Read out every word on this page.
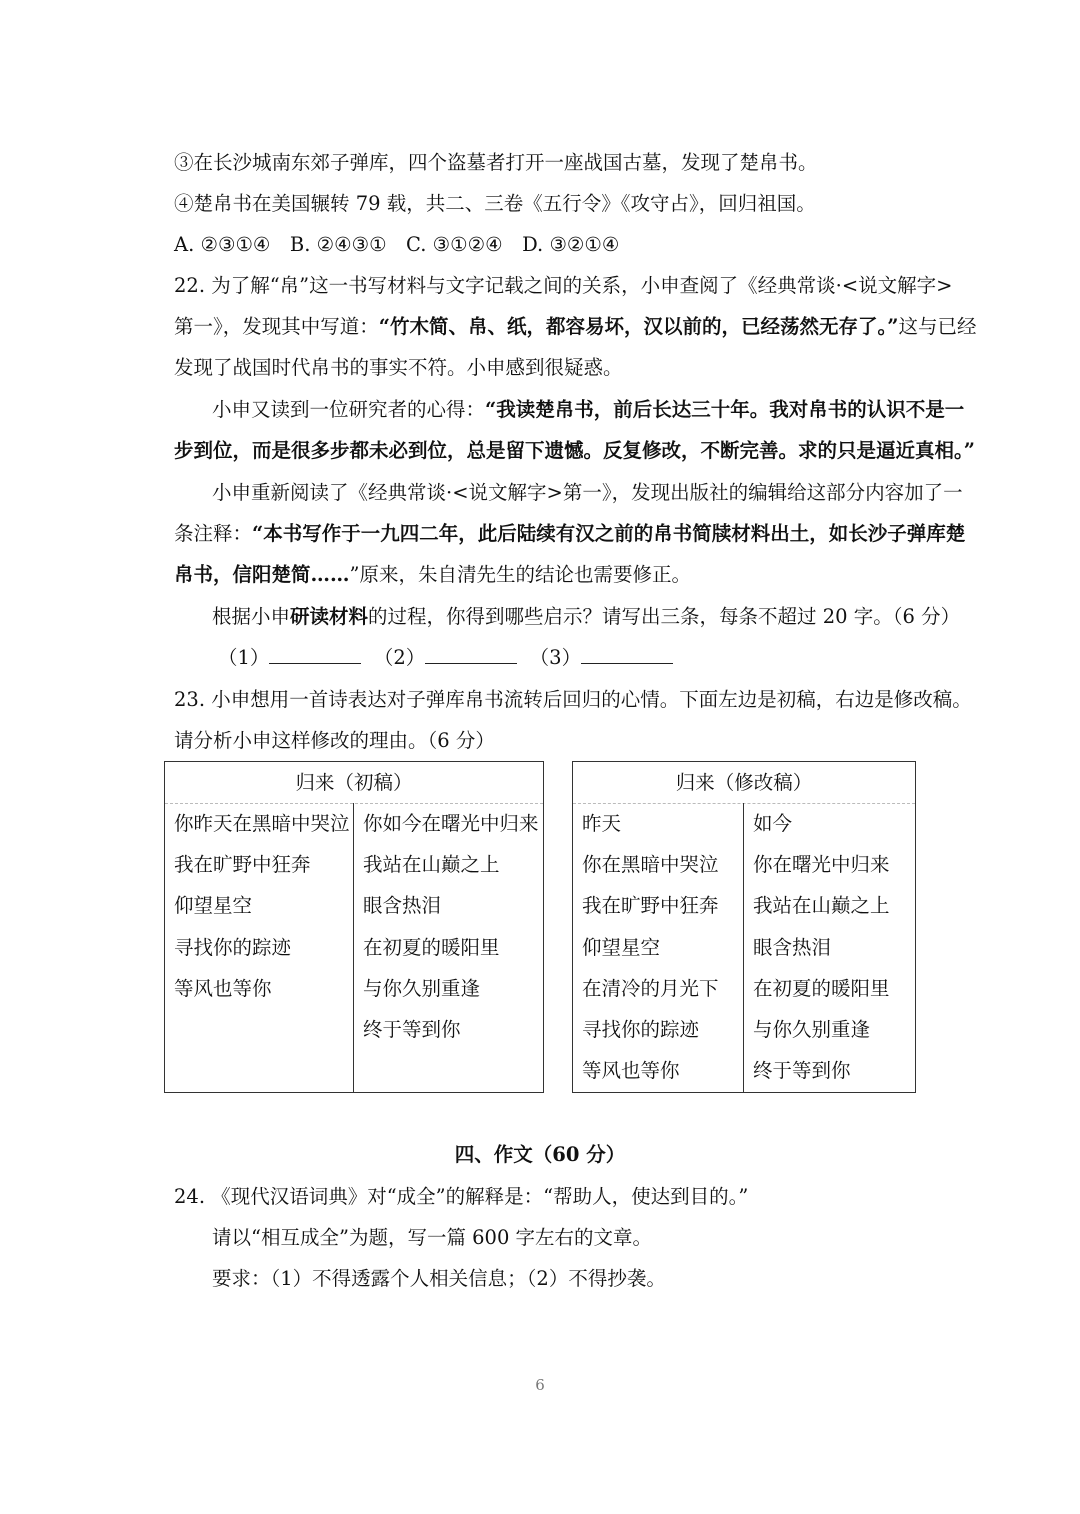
③在长沙城南东郊子弹库，四个盗墓者打开一座战国古墓，发现了楚帛书。
④楚帛书在美国辗转 79 载，共二、三卷《五行令》《攻守占》，回归祖国。
A. ②③①④　B. ②④③①　C. ③①②④　D. ③②①④
22. 为了解“帛”这一书写材料与文字记载之间的关系，小申查阅了《经典常谈·<说文解字>
第一》，发现其中写道：“竹木简、帛、纸，都容易坏，汉以前的，已经荡然无存了。”这与已经
发现了战国时代帛书的事实不符。小申感到很疑惑。
小申又读到一位研究者的心得：“我读楚帛书，前后长达三十年。我对帛书的认识不是一
步到位，而是很多步都未必到位，总是留下遗憾。反复修改，不断完善。求的只是逼近真相。”
小申重新阅读了《经典常谈·<说文解字>第一》，发现出版社的编辑给这部分内容加了一
条注释：“本书写作于一九四二年，此后陆续有汉之前的帛书简牍材料出土，如长沙子弹库楚
帛书，信阳楚简……”原来，朱自清先生的结论也需要修正。
根据小申研读材料的过程，你得到哪些启示？请写出三条，每条不超过 20 字。（6 分）
（1）	（2）	（3）
23. 小申想用一首诗表达对子弹库帛书流转后回归的心情。下面左边是初稿，右边是修改稿。
请分析小申这样修改的理由。（6 分）
归来（初稿）
你昨天在黑暗中哭泣
我在旷野中狂奔
仰望星空
寻找你的踪迹
等风也等你
你如今在曙光中归来
我站在山巅之上
眼含热泪
在初夏的暖阳里
与你久别重逢
终于等到你
归来（修改稿）
昨天
你在黑暗中哭泣
我在旷野中狂奔
仰望星空
在清冷的月光下
寻找你的踪迹
等风也等你
如今
你在曙光中归来
我站在山巅之上
眼含热泪
在初夏的暖阳里
与你久别重逢
终于等到你
四、作文（60 分）
24. 《现代汉语词典》对“成全”的解释是：“帮助人，使达到目的。”
请以“相互成全”为题，写一篇 600 字左右的文章。
要求：（1）不得透露个人相关信息；（2）不得抄袭。
6
